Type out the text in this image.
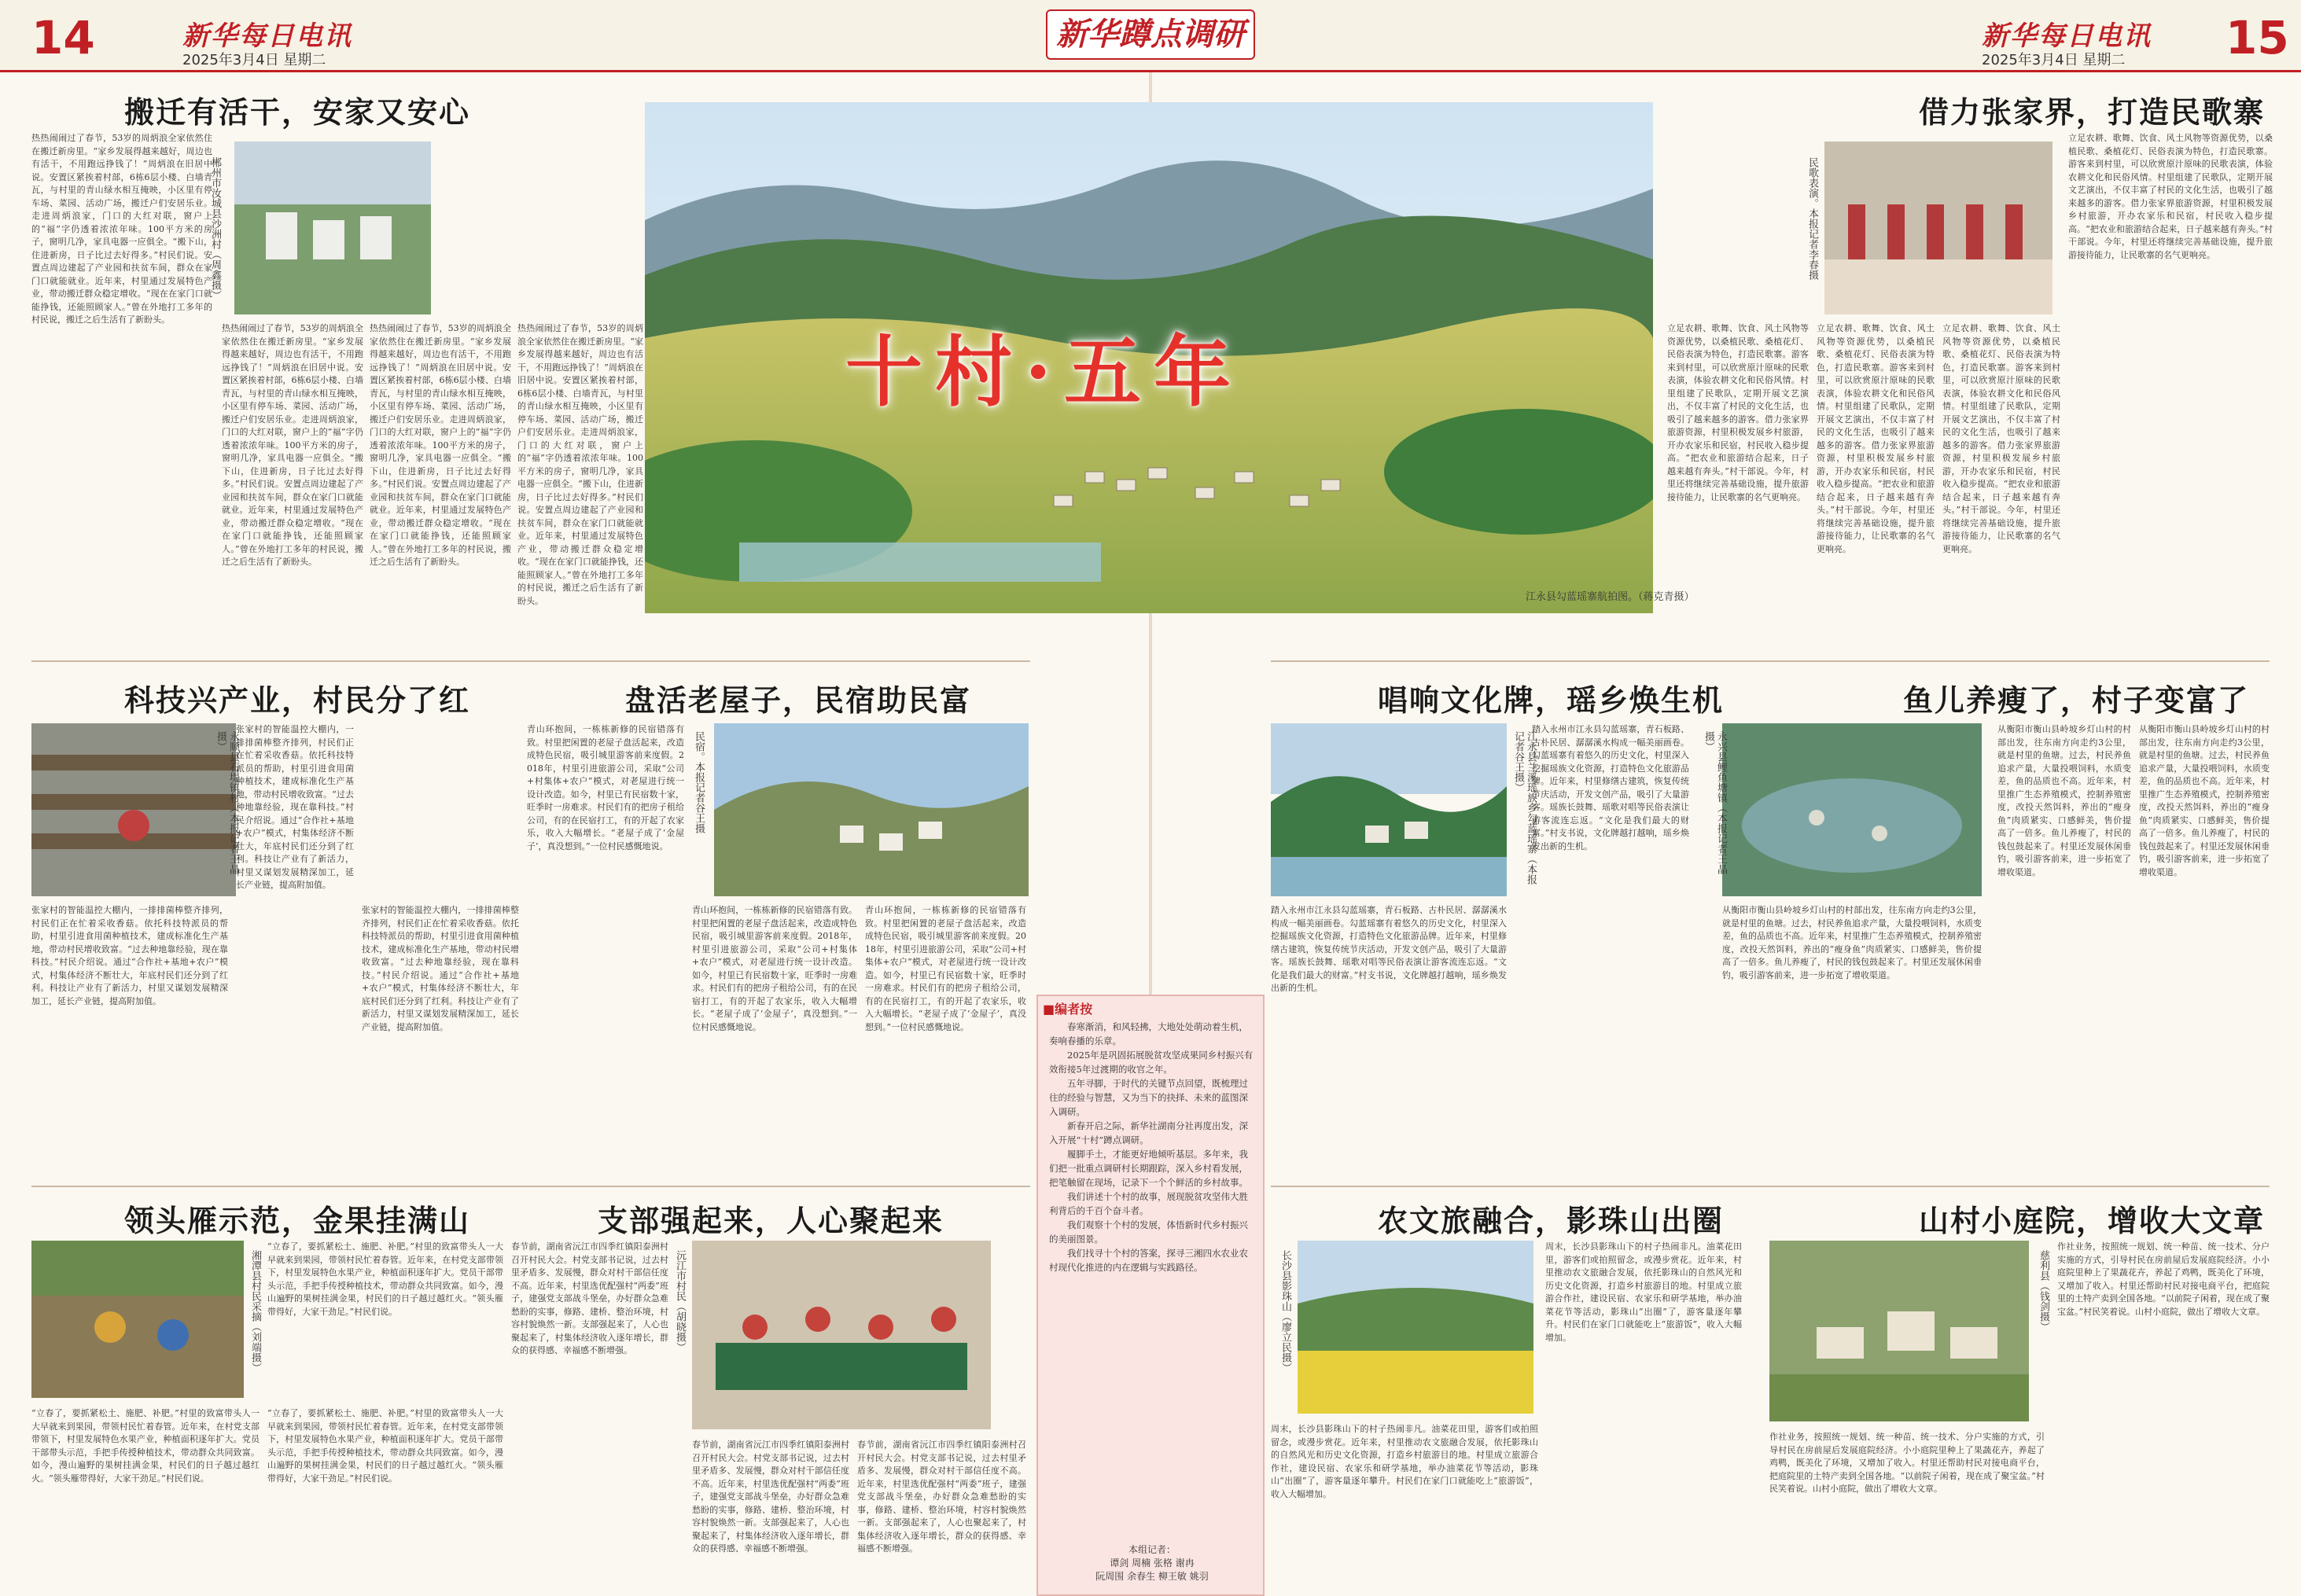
14	新华每日电讯
2025年3月4日 星期二
新华蹲点调研	新华每日电讯
2025年3月4日 星期二 15
十村·五年
江永县勾蓝瑶寨航拍图。（蒋克青摄）
搬迁有活干，安家又安心
热热闹闹过了春节，53岁的周炳浪全家依然住在搬迁新房里。“家乡发展得越来越好，周边也有活干，不用跑远挣钱了！”周炳浪在旧居中说。安置区紧挨着村部，6栋6层小楼、白墙青瓦，与村里的青山绿水相互掩映，小区里有停车场、菜园、活动广场，搬迁户们安居乐业。走进周炳浪家，门口的大红对联，窗户上的“福”字仍透着浓浓年味。100平方米的房子，窗明几净，家具电器一应俱全。“搬下山，住进新房，日子比过去好得多。”村民们说。安置点周边建起了产业园和扶贫车间，群众在家门口就能就业。近年来，村里通过发展特色产业，带动搬迁群众稳定增收。“现在在家门口就能挣钱，还能照顾家人。”曾在外地打工多年的村民说，搬迁之后生活有了新盼头。
郴州市汝城县沙洲村（周鑫摄）
热热闹闹过了春节，53岁的周炳浪全家依然住在搬迁新房里。“家乡发展得越来越好，周边也有活干，不用跑远挣钱了！”周炳浪在旧居中说。安置区紧挨着村部，6栋6层小楼、白墙青瓦，与村里的青山绿水相互掩映，小区里有停车场、菜园、活动广场，搬迁户们安居乐业。走进周炳浪家，门口的大红对联，窗户上的“福”字仍透着浓浓年味。100平方米的房子，窗明几净，家具电器一应俱全。“搬下山，住进新房，日子比过去好得多。”村民们说。安置点周边建起了产业园和扶贫车间，群众在家门口就能就业。近年来，村里通过发展特色产业，带动搬迁群众稳定增收。“现在在家门口就能挣钱，还能照顾家人。”曾在外地打工多年的村民说，搬迁之后生活有了新盼头。
热热闹闹过了春节，53岁的周炳浪全家依然住在搬迁新房里。“家乡发展得越来越好，周边也有活干，不用跑远挣钱了！”周炳浪在旧居中说。安置区紧挨着村部，6栋6层小楼、白墙青瓦，与村里的青山绿水相互掩映，小区里有停车场、菜园、活动广场，搬迁户们安居乐业。走进周炳浪家，门口的大红对联，窗户上的“福”字仍透着浓浓年味。100平方米的房子，窗明几净，家具电器一应俱全。“搬下山，住进新房，日子比过去好得多。”村民们说。安置点周边建起了产业园和扶贫车间，群众在家门口就能就业。近年来，村里通过发展特色产业，带动搬迁群众稳定增收。“现在在家门口就能挣钱，还能照顾家人。”曾在外地打工多年的村民说，搬迁之后生活有了新盼头。
热热闹闹过了春节，53岁的周炳浪全家依然住在搬迁新房里。“家乡发展得越来越好，周边也有活干，不用跑远挣钱了！”周炳浪在旧居中说。安置区紧挨着村部，6栋6层小楼、白墙青瓦，与村里的青山绿水相互掩映，小区里有停车场、菜园、活动广场，搬迁户们安居乐业。走进周炳浪家，门口的大红对联，窗户上的“福”字仍透着浓浓年味。100平方米的房子，窗明几净，家具电器一应俱全。“搬下山，住进新房，日子比过去好得多。”村民们说。安置点周边建起了产业园和扶贫车间，群众在家门口就能就业。近年来，村里通过发展特色产业，带动搬迁群众稳定增收。“现在在家门口就能挣钱，还能照顾家人。”曾在外地打工多年的村民说，搬迁之后生活有了新盼头。
借力张家界，打造民歌寨
民歌表演。本报记者李春摄
立足农耕、歌舞、饮食、风土风物等资源优势，以桑植民歌、桑植花灯、民俗表演为特色，打造民歌寨。游客来到村里，可以欣赏原汁原味的民歌表演，体验农耕文化和民俗风情。村里组建了民歌队，定期开展文艺演出，不仅丰富了村民的文化生活，也吸引了越来越多的游客。借力张家界旅游资源，村里积极发展乡村旅游，开办农家乐和民宿，村民收入稳步提高。“把农业和旅游结合起来，日子越来越有奔头。”村干部说。今年，村里还将继续完善基础设施，提升旅游接待能力，让民歌寨的名气更响亮。
立足农耕、歌舞、饮食、风土风物等资源优势，以桑植民歌、桑植花灯、民俗表演为特色，打造民歌寨。游客来到村里，可以欣赏原汁原味的民歌表演，体验农耕文化和民俗风情。村里组建了民歌队，定期开展文艺演出，不仅丰富了村民的文化生活，也吸引了越来越多的游客。借力张家界旅游资源，村里积极发展乡村旅游，开办农家乐和民宿，村民收入稳步提高。“把农业和旅游结合起来，日子越来越有奔头。”村干部说。今年，村里还将继续完善基础设施，提升旅游接待能力，让民歌寨的名气更响亮。
立足农耕、歌舞、饮食、风土风物等资源优势，以桑植民歌、桑植花灯、民俗表演为特色，打造民歌寨。游客来到村里，可以欣赏原汁原味的民歌表演，体验农耕文化和民俗风情。村里组建了民歌队，定期开展文艺演出，不仅丰富了村民的文化生活，也吸引了越来越多的游客。借力张家界旅游资源，村里积极发展乡村旅游，开办农家乐和民宿，村民收入稳步提高。“把农业和旅游结合起来，日子越来越有奔头。”村干部说。今年，村里还将继续完善基础设施，提升旅游接待能力，让民歌寨的名气更响亮。
立足农耕、歌舞、饮食、风土风物等资源优势，以桑植民歌、桑植花灯、民俗表演为特色，打造民歌寨。游客来到村里，可以欣赏原汁原味的民歌表演，体验农耕文化和民俗风情。村里组建了民歌队，定期开展文艺演出，不仅丰富了村民的文化生活，也吸引了越来越多的游客。借力张家界旅游资源，村里积极发展乡村旅游，开办农家乐和民宿，村民收入稳步提高。“把农业和旅游结合起来，日子越来越有奔头。”村干部说。今年，村里还将继续完善基础设施，提升旅游接待能力，让民歌寨的名气更响亮。
科技兴产业，村民分了红
永顺县石堤镇村（本报记者王晶摄）
张家村的智能温控大棚内，一排排菌棒整齐排列，村民们正在忙着采收香菇。依托科技特派员的帮助，村里引进食用菌种植技术，建成标准化生产基地，带动村民增收致富。“过去种地靠经验，现在靠科技。”村民介绍说。通过“合作社+基地+农户”模式，村集体经济不断壮大，年底村民们还分到了红利。科技让产业有了新活力，村里又谋划发展精深加工，延长产业链，提高附加值。
张家村的智能温控大棚内，一排排菌棒整齐排列，村民们正在忙着采收香菇。依托科技特派员的帮助，村里引进食用菌种植技术，建成标准化生产基地，带动村民增收致富。“过去种地靠经验，现在靠科技。”村民介绍说。通过“合作社+基地+农户”模式，村集体经济不断壮大，年底村民们还分到了红利。科技让产业有了新活力，村里又谋划发展精深加工，延长产业链，提高附加值。
张家村的智能温控大棚内，一排排菌棒整齐排列，村民们正在忙着采收香菇。依托科技特派员的帮助，村里引进食用菌种植技术，建成标准化生产基地，带动村民增收致富。“过去种地靠经验，现在靠科技。”村民介绍说。通过“合作社+基地+农户”模式，村集体经济不断壮大，年底村民们还分到了红利。科技让产业有了新活力，村里又谋划发展精深加工，延长产业链，提高附加值。
盘活老屋子，民宿助民富
青山环抱间，一栋栋新修的民宿错落有致。村里把闲置的老屋子盘活起来，改造成特色民宿，吸引城里游客前来度假。2018年，村里引进旅游公司，采取“公司+村集体+农户”模式，对老屋进行统一设计改造。如今，村里已有民宿数十家，旺季时一房难求。村民们有的把房子租给公司，有的在民宿打工，有的开起了农家乐，收入大幅增长。“老屋子成了‘金屋子’，真没想到。”一位村民感慨地说。
民宿。本报记者谷王摄
青山环抱间，一栋栋新修的民宿错落有致。村里把闲置的老屋子盘活起来，改造成特色民宿，吸引城里游客前来度假。2018年，村里引进旅游公司，采取“公司+村集体+农户”模式，对老屋进行统一设计改造。如今，村里已有民宿数十家，旺季时一房难求。村民们有的把房子租给公司，有的在民宿打工，有的开起了农家乐，收入大幅增长。“老屋子成了‘金屋子’，真没想到。”一位村民感慨地说。
青山环抱间，一栋栋新修的民宿错落有致。村里把闲置的老屋子盘活起来，改造成特色民宿，吸引城里游客前来度假。2018年，村里引进旅游公司，采取“公司+村集体+农户”模式，对老屋进行统一设计改造。如今，村里已有民宿数十家，旺季时一房难求。村民们有的把房子租给公司，有的在民宿打工，有的开起了农家乐，收入大幅增长。“老屋子成了‘金屋子’，真没想到。”一位村民感慨地说。
唱响文化牌，瑶乡焕生机
江永县兰溪瑶族乡勾蓝瑶寨（本报记者谷王摄）
踏入永州市江永县勾蓝瑶寨，青石板路、古朴民居、潺潺溪水构成一幅美丽画卷。勾蓝瑶寨有着悠久的历史文化，村里深入挖掘瑶族文化资源，打造特色文化旅游品牌。近年来，村里修缮古建筑，恢复传统节庆活动，开发文创产品，吸引了大量游客。瑶族长鼓舞、瑶歌对唱等民俗表演让游客流连忘返。“文化是我们最大的财富。”村支书说，文化牌越打越响，瑶乡焕发出新的生机。
踏入永州市江永县勾蓝瑶寨，青石板路、古朴民居、潺潺溪水构成一幅美丽画卷。勾蓝瑶寨有着悠久的历史文化，村里深入挖掘瑶族文化资源，打造特色文化旅游品牌。近年来，村里修缮古建筑，恢复传统节庆活动，开发文创产品，吸引了大量游客。瑶族长鼓舞、瑶歌对唱等民俗表演让游客流连忘返。“文化是我们最大的财富。”村支书说，文化牌越打越响，瑶乡焕发出新的生机。
鱼儿养瘦了，村子变富了
永兴县鲤鱼塘镇（本报记者王晶摄）
从衡阳市衡山县岭坡乡灯山村的村部出发，往东南方向走约3公里，就是村里的鱼塘。过去，村民养鱼追求产量，大量投喂饲料，水质变差，鱼的品质也不高。近年来，村里推广生态养殖模式，控制养殖密度，改投天然饵料，养出的“瘦身鱼”肉质紧实、口感鲜美，售价提高了一倍多。鱼儿养瘦了，村民的钱包鼓起来了。村里还发展休闲垂钓，吸引游客前来，进一步拓宽了增收渠道。
从衡阳市衡山县岭坡乡灯山村的村部出发，往东南方向走约3公里，就是村里的鱼塘。过去，村民养鱼追求产量，大量投喂饲料，水质变差，鱼的品质也不高。近年来，村里推广生态养殖模式，控制养殖密度，改投天然饵料，养出的“瘦身鱼”肉质紧实、口感鲜美，售价提高了一倍多。鱼儿养瘦了，村民的钱包鼓起来了。村里还发展休闲垂钓，吸引游客前来，进一步拓宽了增收渠道。
从衡阳市衡山县岭坡乡灯山村的村部出发，往东南方向走约3公里，就是村里的鱼塘。过去，村民养鱼追求产量，大量投喂饲料，水质变差，鱼的品质也不高。近年来，村里推广生态养殖模式，控制养殖密度，改投天然饵料，养出的“瘦身鱼”肉质紧实、口感鲜美，售价提高了一倍多。鱼儿养瘦了，村民的钱包鼓起来了。村里还发展休闲垂钓，吸引游客前来，进一步拓宽了增收渠道。
领头雁示范，金果挂满山
湘潭县村民采摘（刘端摄）
“立春了，要抓紧松土、施肥、补肥。”村里的致富带头人一大早就来到果园，带领村民忙着春管。近年来，在村党支部带领下，村里发展特色水果产业，种植面积逐年扩大。党员干部带头示范，手把手传授种植技术，带动群众共同致富。如今，漫山遍野的果树挂满金果，村民们的日子越过越红火。“领头雁带得好，大家干劲足。”村民们说。
“立春了，要抓紧松土、施肥、补肥。”村里的致富带头人一大早就来到果园，带领村民忙着春管。近年来，在村党支部带领下，村里发展特色水果产业，种植面积逐年扩大。党员干部带头示范，手把手传授种植技术，带动群众共同致富。如今，漫山遍野的果树挂满金果，村民们的日子越过越红火。“领头雁带得好，大家干劲足。”村民们说。
“立春了，要抓紧松土、施肥、补肥。”村里的致富带头人一大早就来到果园，带领村民忙着春管。近年来，在村党支部带领下，村里发展特色水果产业，种植面积逐年扩大。党员干部带头示范，手把手传授种植技术，带动群众共同致富。如今，漫山遍野的果树挂满金果，村民们的日子越过越红火。“领头雁带得好，大家干劲足。”村民们说。
支部强起来，人心聚起来
沅江市村民（胡晓摄）
春节前，湖南省沅江市四季红镇阳泰洲村召开村民大会。村党支部书记说，过去村里矛盾多、发展慢，群众对村干部信任度不高。近年来，村里选优配强村“两委”班子，建强党支部战斗堡垒，办好群众急难愁盼的实事，修路、建桥、整治环境，村容村貌焕然一新。支部强起来了，人心也聚起来了，村集体经济收入逐年增长，群众的获得感、幸福感不断增强。
春节前，湖南省沅江市四季红镇阳泰洲村召开村民大会。村党支部书记说，过去村里矛盾多、发展慢，群众对村干部信任度不高。近年来，村里选优配强村“两委”班子，建强党支部战斗堡垒，办好群众急难愁盼的实事，修路、建桥、整治环境，村容村貌焕然一新。支部强起来了，人心也聚起来了，村集体经济收入逐年增长，群众的获得感、幸福感不断增强。
春节前，湖南省沅江市四季红镇阳泰洲村召开村民大会。村党支部书记说，过去村里矛盾多、发展慢，群众对村干部信任度不高。近年来，村里选优配强村“两委”班子，建强党支部战斗堡垒，办好群众急难愁盼的实事，修路、建桥、整治环境，村容村貌焕然一新。支部强起来了，人心也聚起来了，村集体经济收入逐年增长，群众的获得感、幸福感不断增强。
农文旅融合，影珠山出圈
长沙县影珠山（廖立民摄）
周末，长沙县影珠山下的村子热闹非凡。油菜花田里，游客们或拍照留念，或漫步赏花。近年来，村里推动农文旅融合发展，依托影珠山的自然风光和历史文化资源，打造乡村旅游目的地。村里成立旅游合作社，建设民宿、农家乐和研学基地，举办油菜花节等活动，影珠山“出圈”了，游客量逐年攀升。村民们在家门口就能吃上“旅游饭”，收入大幅增加。
周末，长沙县影珠山下的村子热闹非凡。油菜花田里，游客们或拍照留念，或漫步赏花。近年来，村里推动农文旅融合发展，依托影珠山的自然风光和历史文化资源，打造乡村旅游目的地。村里成立旅游合作社，建设民宿、农家乐和研学基地，举办油菜花节等活动，影珠山“出圈”了，游客量逐年攀升。村民们在家门口就能吃上“旅游饭”，收入大幅增加。
山村小庭院，增收大文章
慈利县（钱剑摄）
作社业务，按照统一规划、统一种苗、统一技术、分户实施的方式，引导村民在房前屋后发展庭院经济。小小庭院里种上了果蔬花卉，养起了鸡鸭，既美化了环境，又增加了收入。村里还帮助村民对接电商平台，把庭院里的土特产卖到全国各地。“以前院子闲着，现在成了聚宝盆。”村民笑着说。山村小庭院，做出了增收大文章。
作社业务，按照统一规划、统一种苗、统一技术、分户实施的方式，引导村民在房前屋后发展庭院经济。小小庭院里种上了果蔬花卉，养起了鸡鸭，既美化了环境，又增加了收入。村里还帮助村民对接电商平台，把庭院里的土特产卖到全国各地。“以前院子闲着，现在成了聚宝盆。”村民笑着说。山村小庭院，做出了增收大文章。
■编者按

春寒渐消，和风轻拂，大地处处萌动着生机，奏响春播的乐章。

2025年是巩固拓展脱贫攻坚成果同乡村振兴有效衔接5年过渡期的收官之年。

五年寻脚，于时代的关键节点回望，既梳理过往的经验与智慧，又为当下的抉择、未来的蓝图深入调研。

新春开启之际，新华社湖南分社再度出发，深入开展“十村”蹲点调研。

履脚手土，才能更好地倾听基层。多年来，我们把一批重点调研村长期跟踪，深入乡村看发展，把笔触留在现场，记录下一个个鲜活的乡村故事。

我们讲述十个村的故事，展现脱贫攻坚伟大胜利背后的千百个奋斗者。

我们观察十个村的发展，体悟新时代乡村振兴的美丽图景。

我们找寻十个村的答案，探寻三湘四水农业农村现代化推进的内在逻辑与实践路径。

本组记者：
谭剑 周楠 张格 谢冉
阮周围 余春生 柳王敏 姚羽
